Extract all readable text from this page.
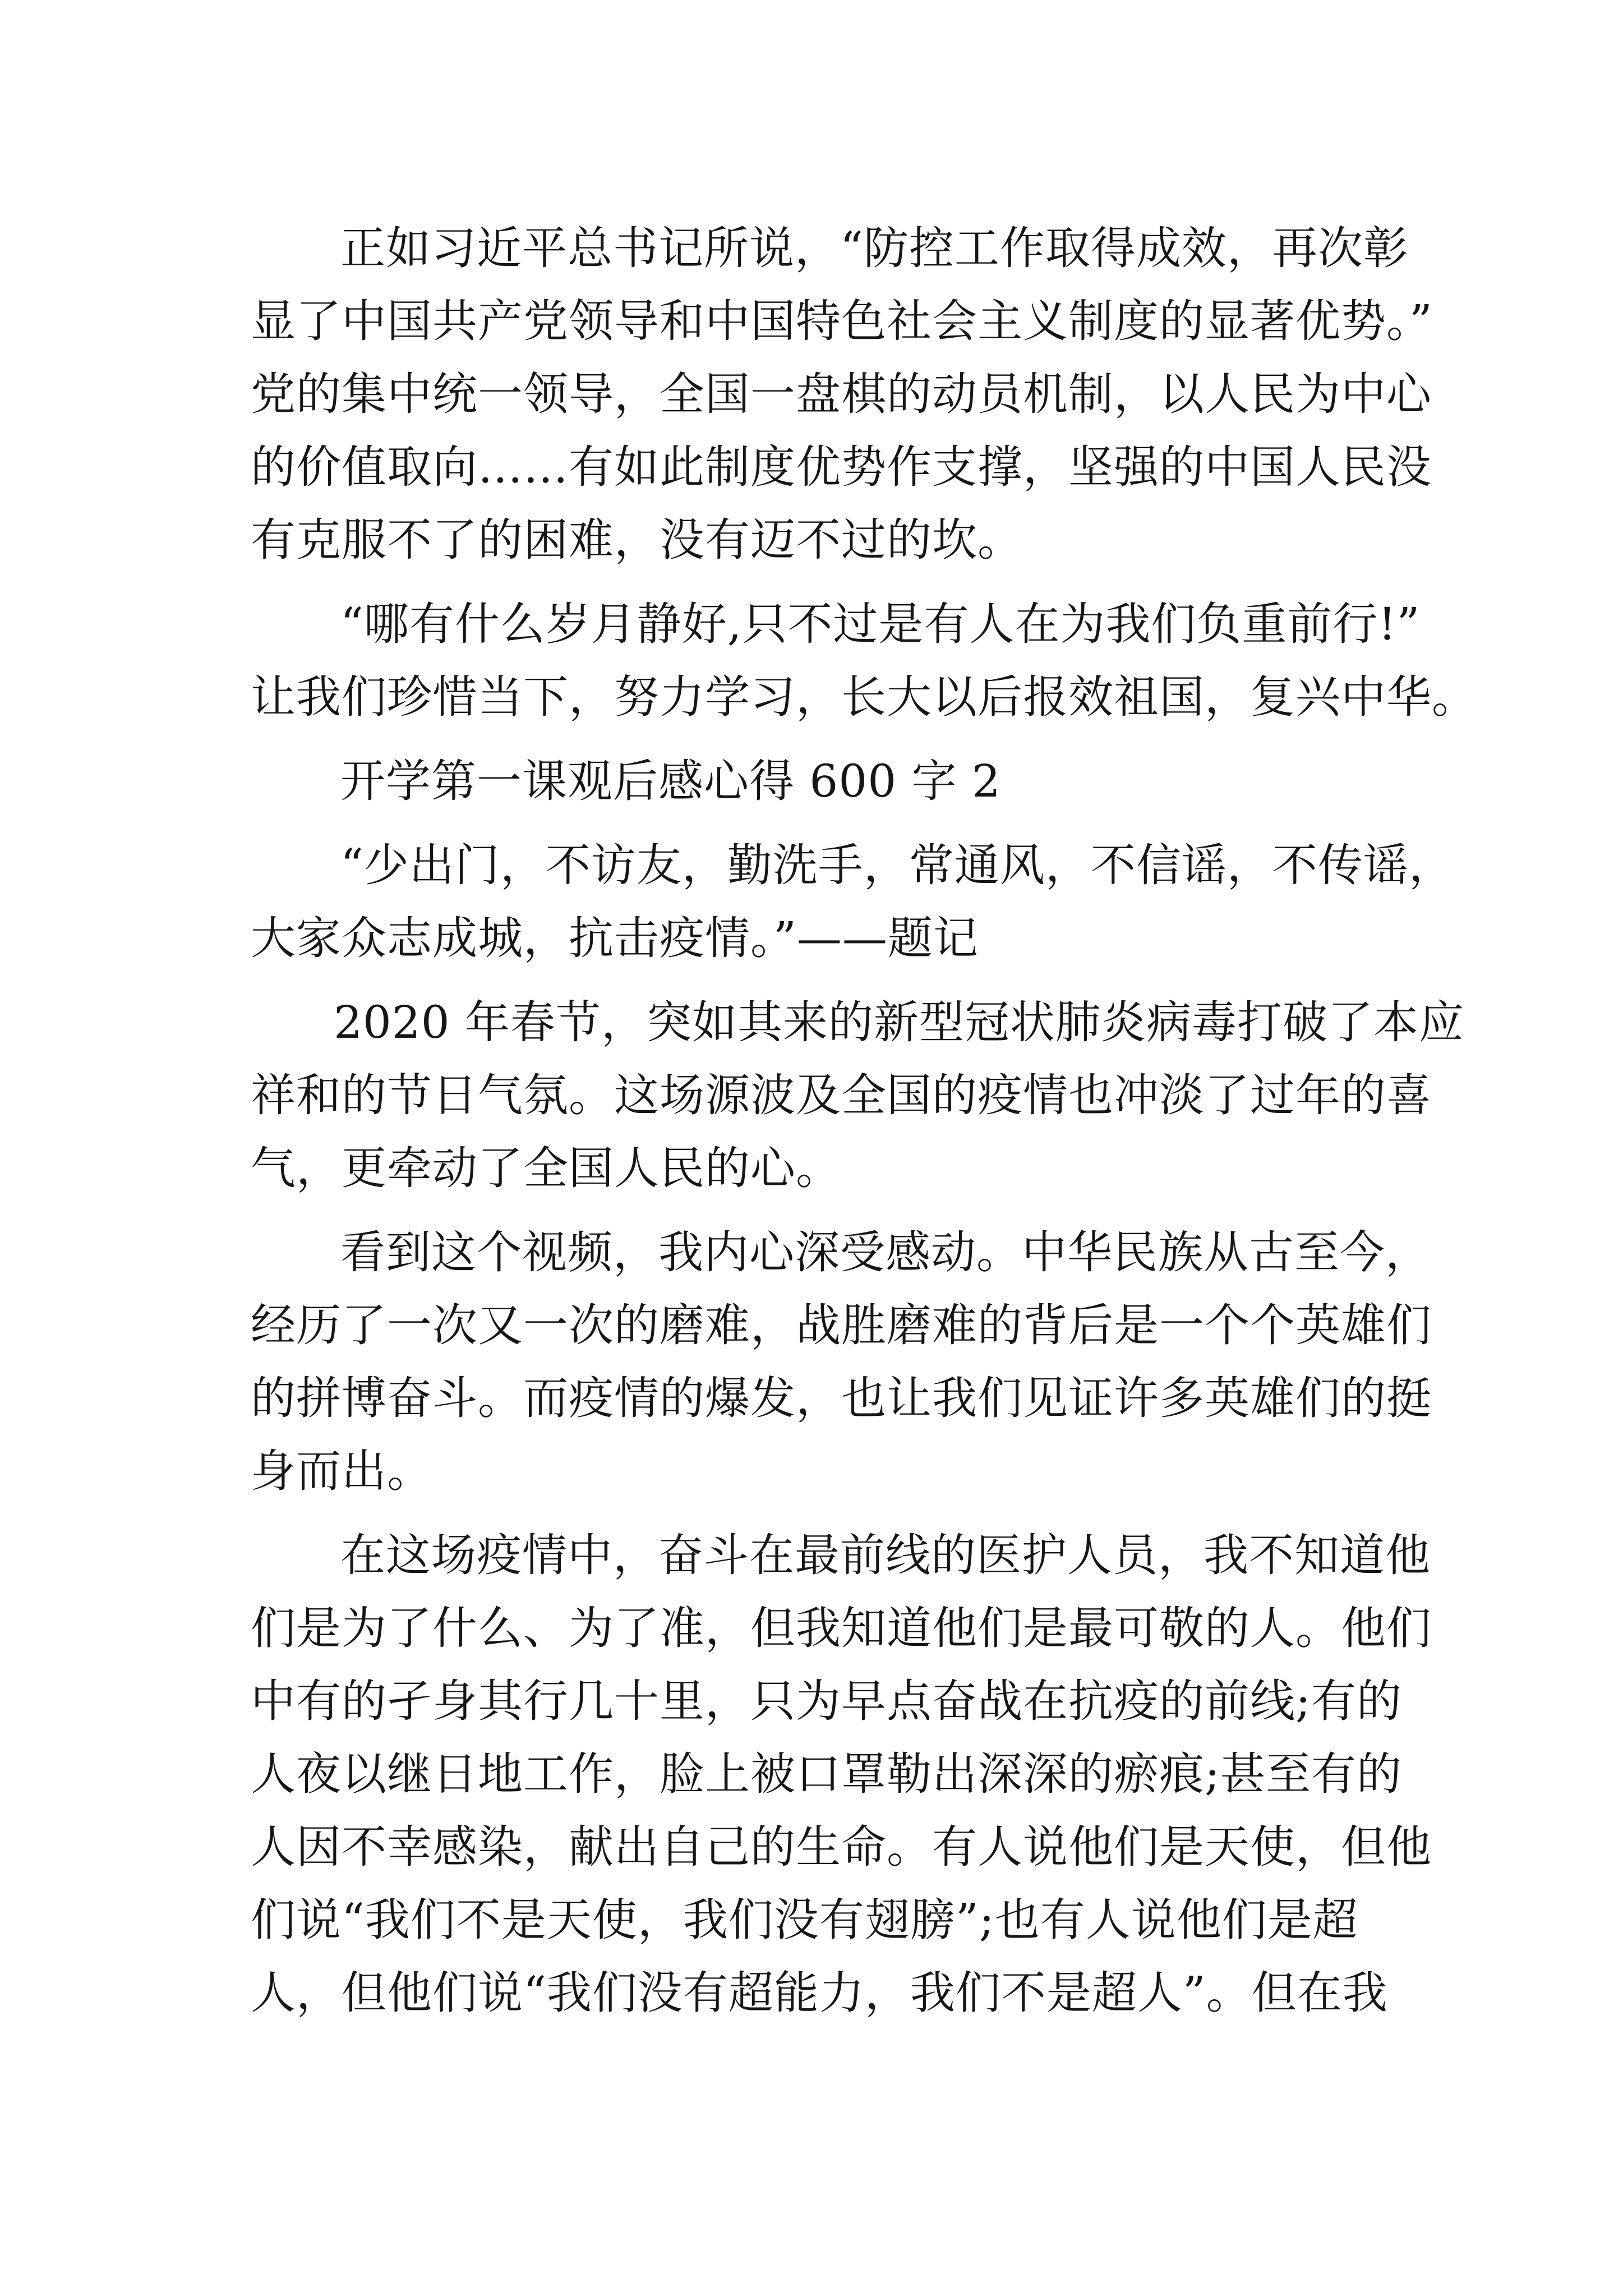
正如习近平总书记所说，“防控工作取得成效，再次彰
显了中国共产党领导和中国特色社会主义制度的显著优势。”
党的集中统一领导，全国一盘棋的动员机制，以人民为中心
的价值取向……有如此制度优势作支撑，坚强的中国人民没
有克服不了的困难，没有迈不过的坎。

“哪有什么岁月静好,只不过是有人在为我们负重前行!”
让我们珍惜当下，努力学习，长大以后报效祖国，复兴中华。

开学第一课观后感心得 600 字 2

“少出门，不访友，勤洗手，常通风，不信谣，不传谣，
大家众志成城，抗击疫情。”——题记

2020 年春节，突如其来的新型冠状肺炎病毒打破了本应
祥和的节日气氛。这场源波及全国的疫情也冲淡了过年的喜
气，更牵动了全国人民的心。

看到这个视频，我内心深受感动。中华民族从古至今，
经历了一次又一次的磨难，战胜磨难的背后是一个个英雄们
的拼博奋斗。而疫情的爆发，也让我们见证许多英雄们的挺
身而出。

在这场疫情中，奋斗在最前线的医护人员，我不知道他
们是为了什么、为了准，但我知道他们是最可敬的人。他们
中有的孑身其行几十里，只为早点奋战在抗疫的前线;有的
人夜以继日地工作，脸上被口罩勒出深深的瘀痕;甚至有的
人因不幸感染，献出自己的生命。有人说他们是天使，但他
们说“我们不是天使，我们没有翅膀”;也有人说他们是超
人，但他们说“我们没有超能力，我们不是超人”。但在我
